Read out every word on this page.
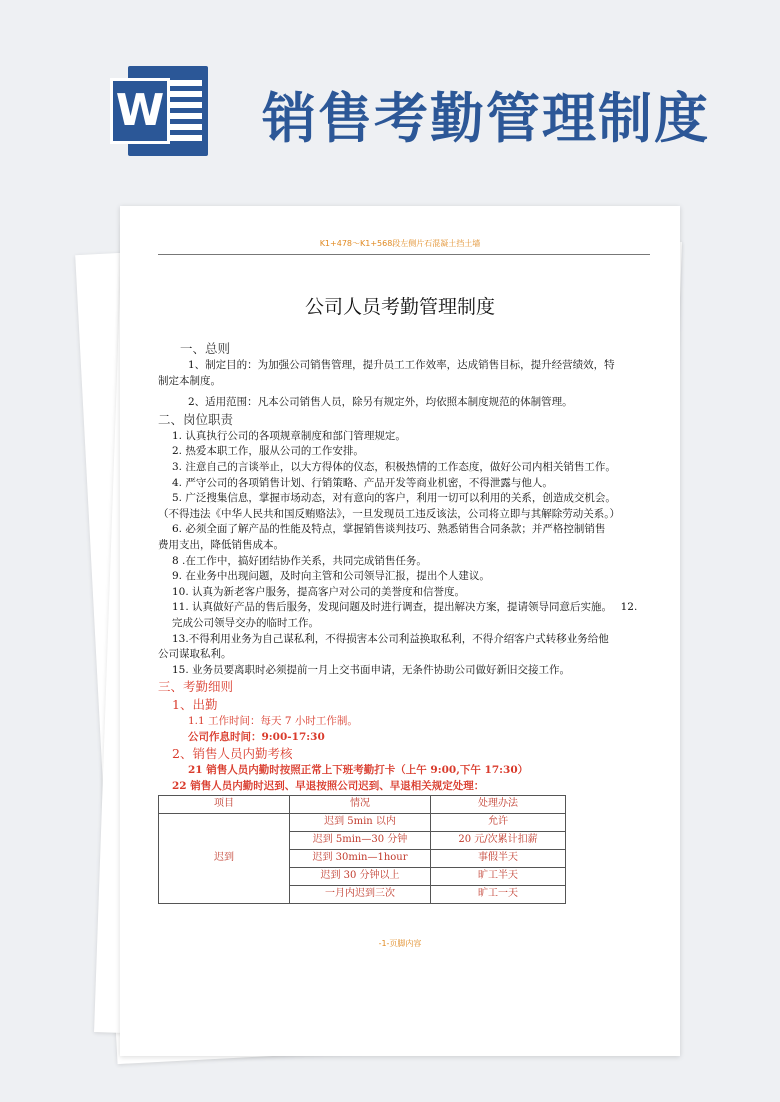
W 销售考勤管理制度
K1+478～K1+568段左侧片石混凝土挡土墙
公司人员考勤管理制度

一、总则

1、制定目的：为加强公司销售管理，提升员工工作效率，达成销售目标，提升经营绩效，特

制定本制度。

2、适用范围：凡本公司销售人员，除另有规定外，均依照本制度规范的体制管理。

二、岗位职责

1. 认真执行公司的各项规章制度和部门管理规定。

2. 热爱本职工作，服从公司的工作安排。

3. 注意自己的言谈举止，以大方得体的仪态，积极热情的工作态度，做好公司内相关销售工作。

4. 严守公司的各项销售计划、行销策略、产品开发等商业机密，不得泄露与他人。

5. 广泛搜集信息，掌握市场动态，对有意向的客户，利用一切可以利用的关系，创造成交机会。

（不得违法《中华人民共和国反贿赂法》，一旦发现员工违反该法，公司将立即与其解除劳动关系。）

6. 必须全面了解产品的性能及特点，掌握销售谈判技巧、熟悉销售合同条款；并严格控制销售

费用支出，降低销售成本。

8 .在工作中，搞好团结协作关系，共同完成销售任务。

9. 在业务中出现问题，及时向主管和公司领导汇报，提出个人建议。

10. 认真为新老客户服务，提高客户对公司的美誉度和信誉度。

11. 认真做好产品的售后服务，发现问题及时进行调查，提出解决方案，提请领导同意后实施。　 12.

完成公司领导交办的临时工作。

13.不得利用业务为自己谋私利，不得损害本公司利益换取私利，不得介绍客户式转移业务给他

公司谋取私利。

15. 业务员要离职时必须提前一月上交书面申请，无条件协助公司做好新旧交接工作。

三、考勤细则

1、出勤

1.1 工作时间：每天 7 小时工作制。

公司作息时间：9:00-17:30

2、销售人员内勤考核

21 销售人员内勤时按照正常上下班考勤打卡（上午 9:00,下午 17:30）

22 销售人员内勤时迟到、早退按照公司迟到、早退相关规定处理：

项目	情况	处理办法
迟到	迟到 5min 以内	允许
	迟到 5min—30 分钟	20 元/次累计扣薪
	迟到 30min—1hour	事假半天
	迟到 30 分钟以上	旷工半天
	一月内迟到三次	旷工一天
-1-页脚内容
